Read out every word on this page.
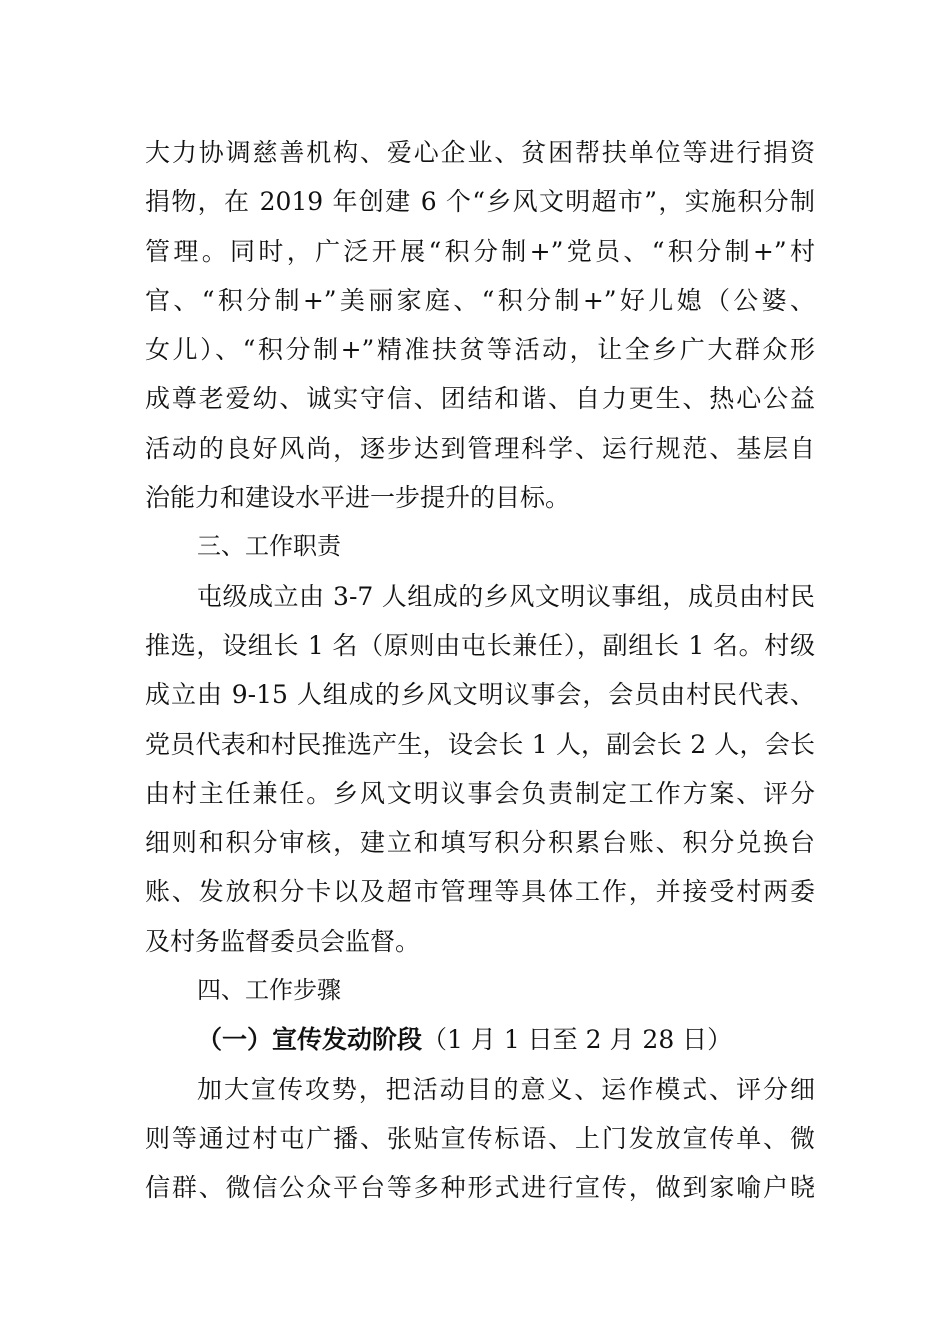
大力协调慈善机构、爱心企业、贫困帮扶单位等进行捐资
捐物，在 2019 年创建 6 个“乡风文明超市”，实施积分制
管理。同时，广泛开展“积分制+”党员、“积分制+”村
官、“积分制+”美丽家庭、“积分制+”好儿媳（公婆、
女儿）、“积分制+”精准扶贫等活动，让全乡广大群众形
成尊老爱幼、诚实守信、团结和谐、自力更生、热心公益
活动的良好风尚，逐步达到管理科学、运行规范、基层自
治能力和建设水平进一步提升的目标。
三、工作职责
屯级成立由 3-7 人组成的乡风文明议事组，成员由村民
推选，设组长 1 名（原则由屯长兼任），副组长 1 名。村级
成立由 9-15 人组成的乡风文明议事会，会员由村民代表、
党员代表和村民推选产生，设会长 1 人，副会长 2 人，会长
由村主任兼任。乡风文明议事会负责制定工作方案、评分
细则和积分审核，建立和填写积分积累台账、积分兑换台
账、发放积分卡以及超市管理等具体工作，并接受村两委
及村务监督委员会监督。
四、工作步骤
（一）宣传发动阶段（1 月 1 日至 2 月 28 日）
加大宣传攻势，把活动目的意义、运作模式、评分细
则等通过村屯广播、张贴宣传标语、上门发放宣传单、微
信群、微信公众平台等多种形式进行宣传，做到家喻户晓
